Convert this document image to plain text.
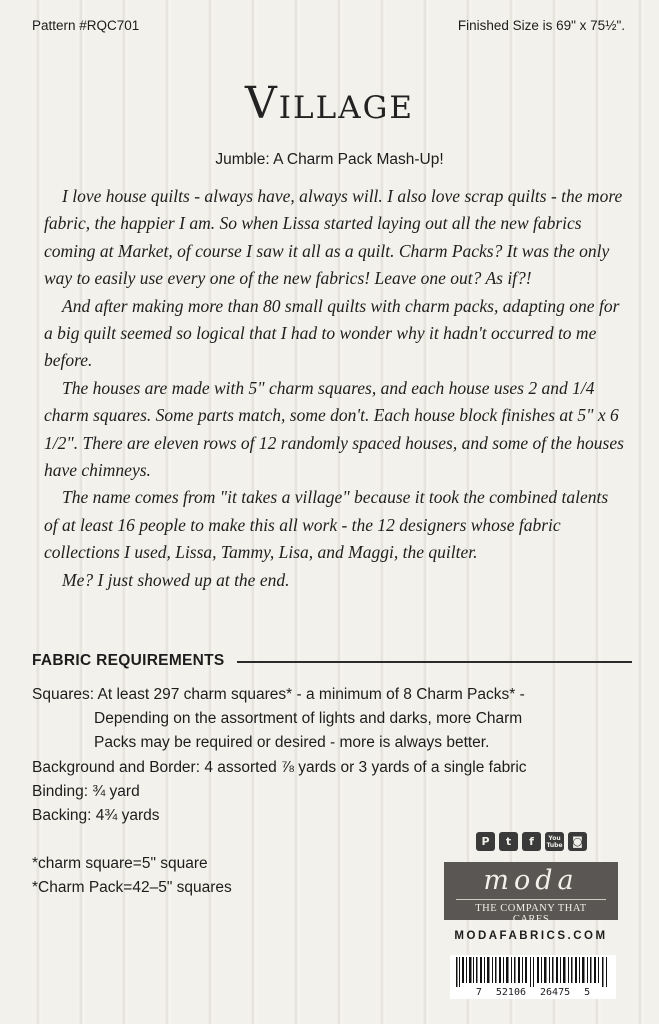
Pattern #RQC701	Finished Size is 69" x 75½".
Village
Jumble: A Charm Pack Mash-Up!

I love house quilts - always have, always will. I also love scrap quilts - the more fabric, the happier I am. So when Lissa started laying out all the new fabrics coming at Market, of course I saw it all as a quilt. Charm Packs? It was the only way to easily use every one of the new fabrics! Leave one out? As if?!

And after making more than 80 small quilts with charm packs, adapting one for a big quilt seemed so logical that I had to wonder why it hadn't occurred to me before.

The houses are made with 5" charm squares, and each house uses 2 and 1/4 charm squares. Some parts match, some don't. Each house block finishes at 5" x 6 1/2". There are eleven rows of 12 randomly spaced houses, and some of the houses have chimneys.

The name comes from "it takes a village" because it took the combined talents of at least 16 people to make this all work - the 12 designers whose fabric collections I used, Lissa, Tammy, Lisa, and Maggi, the quilter.

Me? I just showed up at the end.

FABRIC REQUIREMENTS
Squares: At least 297 charm squares* - a minimum of 8 Charm Packs* -
Depending on the assortment of lights and darks, more Charm
Packs may be required or desired - more is always better.
Background and Border: 4 assorted ⅞ yards or 3 yards of a single fabric
Binding: ¾ yard
Backing: 4¾ yards
*charm square=5" square
*Charm Pack=42–5" squares
P	t	f	You Tube ◙
moda
THE COMPANY THAT CARES
MODAFABRICS.COM
7 52106 26475 5
